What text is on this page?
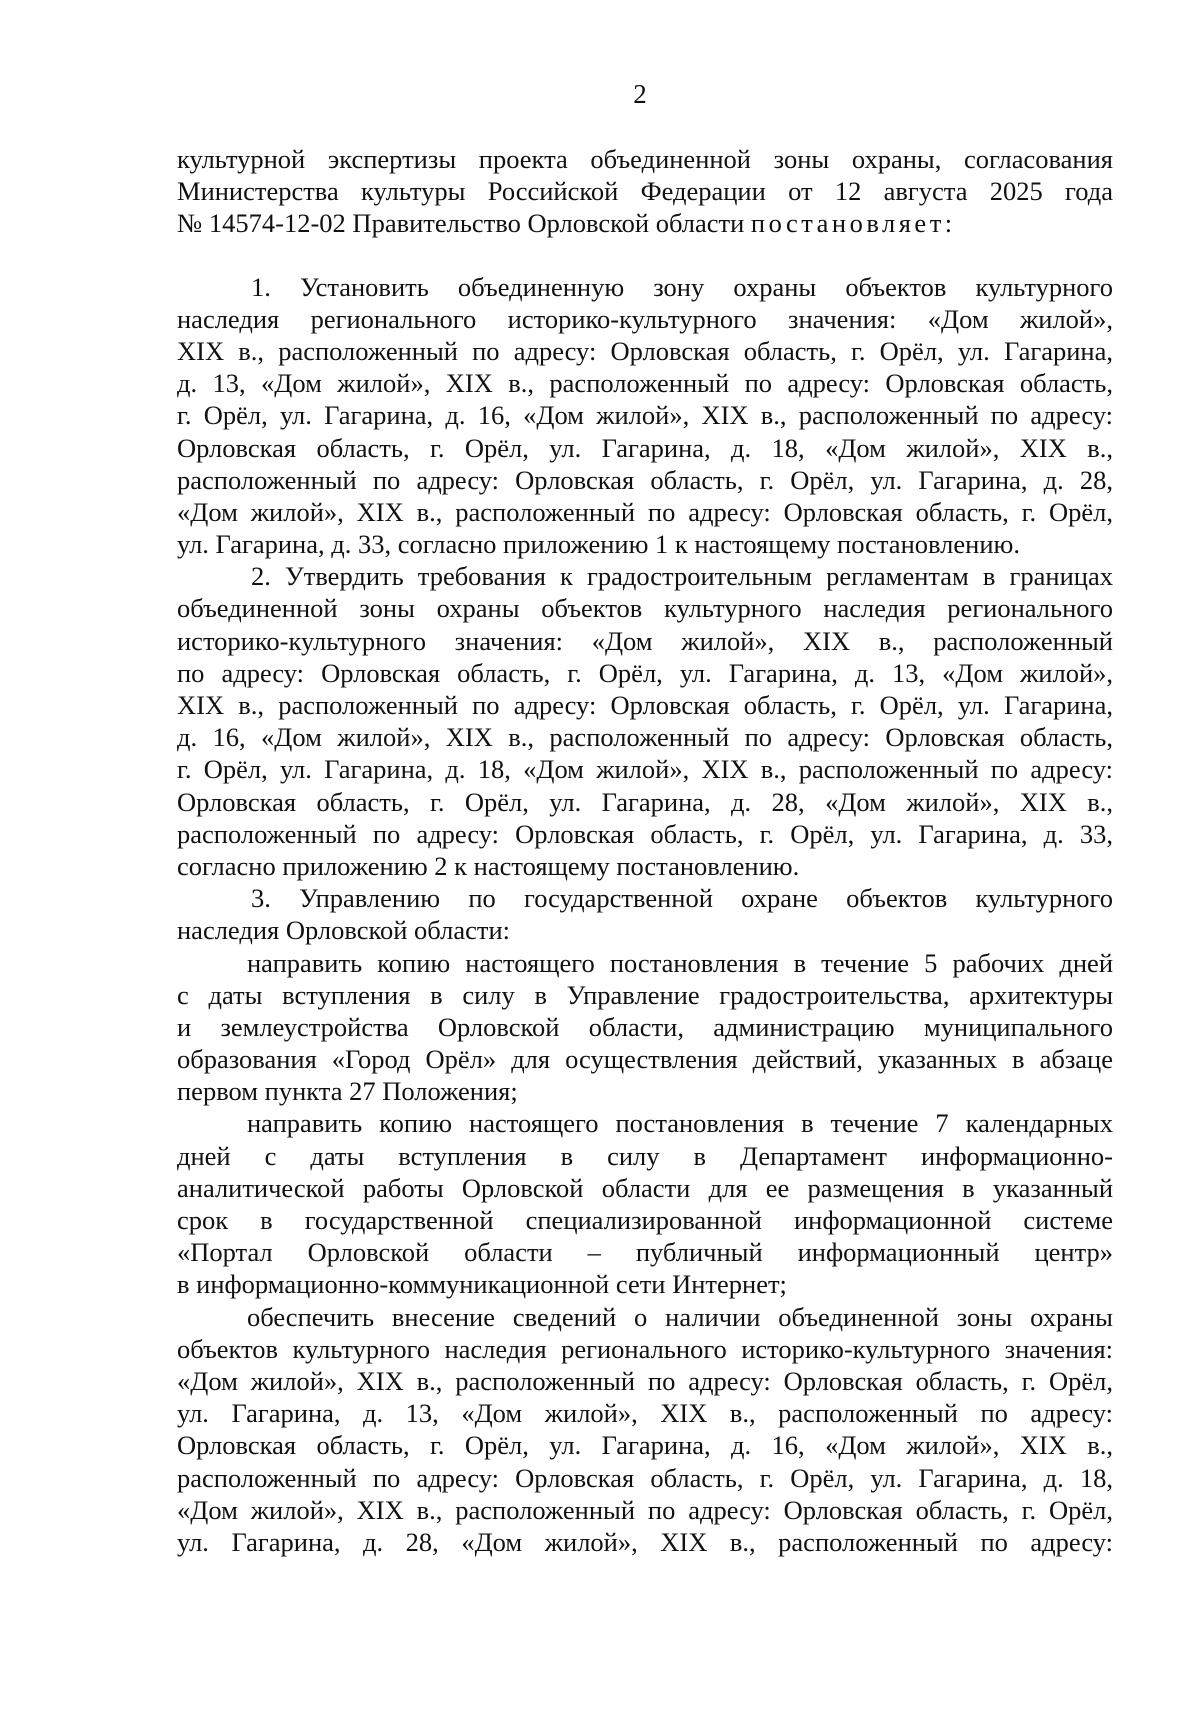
2
культурной экспертизы проекта объединенной зоны охраны, согласования
Министерства культуры Российской Федерации от 12 августа 2025 года
№ 14574-12-02 Правительство Орловской области постановляет:
1. Установить объединенную зону охраны объектов культурного
наследия регионального историко-культурного значения: «Дом жилой»,
XIX в., расположенный по адресу: Орловская область, г. Орёл, ул. Гагарина,
д. 13, «Дом жилой», XIX в., расположенный по адресу: Орловская область,
г. Орёл, ул. Гагарина, д. 16, «Дом жилой», XIX в., расположенный по адресу:
Орловская область, г. Орёл, ул. Гагарина, д. 18, «Дом жилой», XIX в.,
расположенный по адресу: Орловская область, г. Орёл, ул. Гагарина, д. 28,
«Дом жилой», XIX в., расположенный по адресу: Орловская область, г. Орёл,
ул. Гагарина, д. 33, согласно приложению 1 к настоящему постановлению.
2. Утвердить требования к градостроительным регламентам в границах
объединенной зоны охраны объектов культурного наследия регионального
историко-культурного значения: «Дом жилой», XIX в., расположенный
по адресу: Орловская область, г. Орёл, ул. Гагарина, д. 13, «Дом жилой»,
XIX в., расположенный по адресу: Орловская область, г. Орёл, ул. Гагарина,
д. 16, «Дом жилой», XIX в., расположенный по адресу: Орловская область,
г. Орёл, ул. Гагарина, д. 18, «Дом жилой», XIX в., расположенный по адресу:
Орловская область, г. Орёл, ул. Гагарина, д. 28, «Дом жилой», XIX в.,
расположенный по адресу: Орловская область, г. Орёл, ул. Гагарина, д. 33,
согласно приложению 2 к настоящему постановлению.
3. Управлению по государственной охране объектов культурного
наследия Орловской области:
направить копию настоящего постановления в течение 5 рабочих дней
с даты вступления в силу в Управление градостроительства, архитектуры
и землеустройства Орловской области, администрацию муниципального
образования «Город Орёл» для осуществления действий, указанных в абзаце
первом пункта 27 Положения;
направить копию настоящего постановления в течение 7 календарных
дней с даты вступления в силу в Департамент информационно-
аналитической работы Орловской области для ее размещения в указанный
срок в государственной специализированной информационной системе
«Портал Орловской области – публичный информационный центр»
в информационно-коммуникационной сети Интернет;
обеспечить внесение сведений о наличии объединенной зоны охраны
объектов культурного наследия регионального историко-культурного значения:
«Дом жилой», XIX в., расположенный по адресу: Орловская область, г. Орёл,
ул. Гагарина, д. 13, «Дом жилой», XIX в., расположенный по адресу:
Орловская область, г. Орёл, ул. Гагарина, д. 16, «Дом жилой», XIX в.,
расположенный по адресу: Орловская область, г. Орёл, ул. Гагарина, д. 18,
«Дом жилой», XIX в., расположенный по адресу: Орловская область, г. Орёл,
ул. Гагарина, д. 28, «Дом жилой», XIX в., расположенный по адресу:
